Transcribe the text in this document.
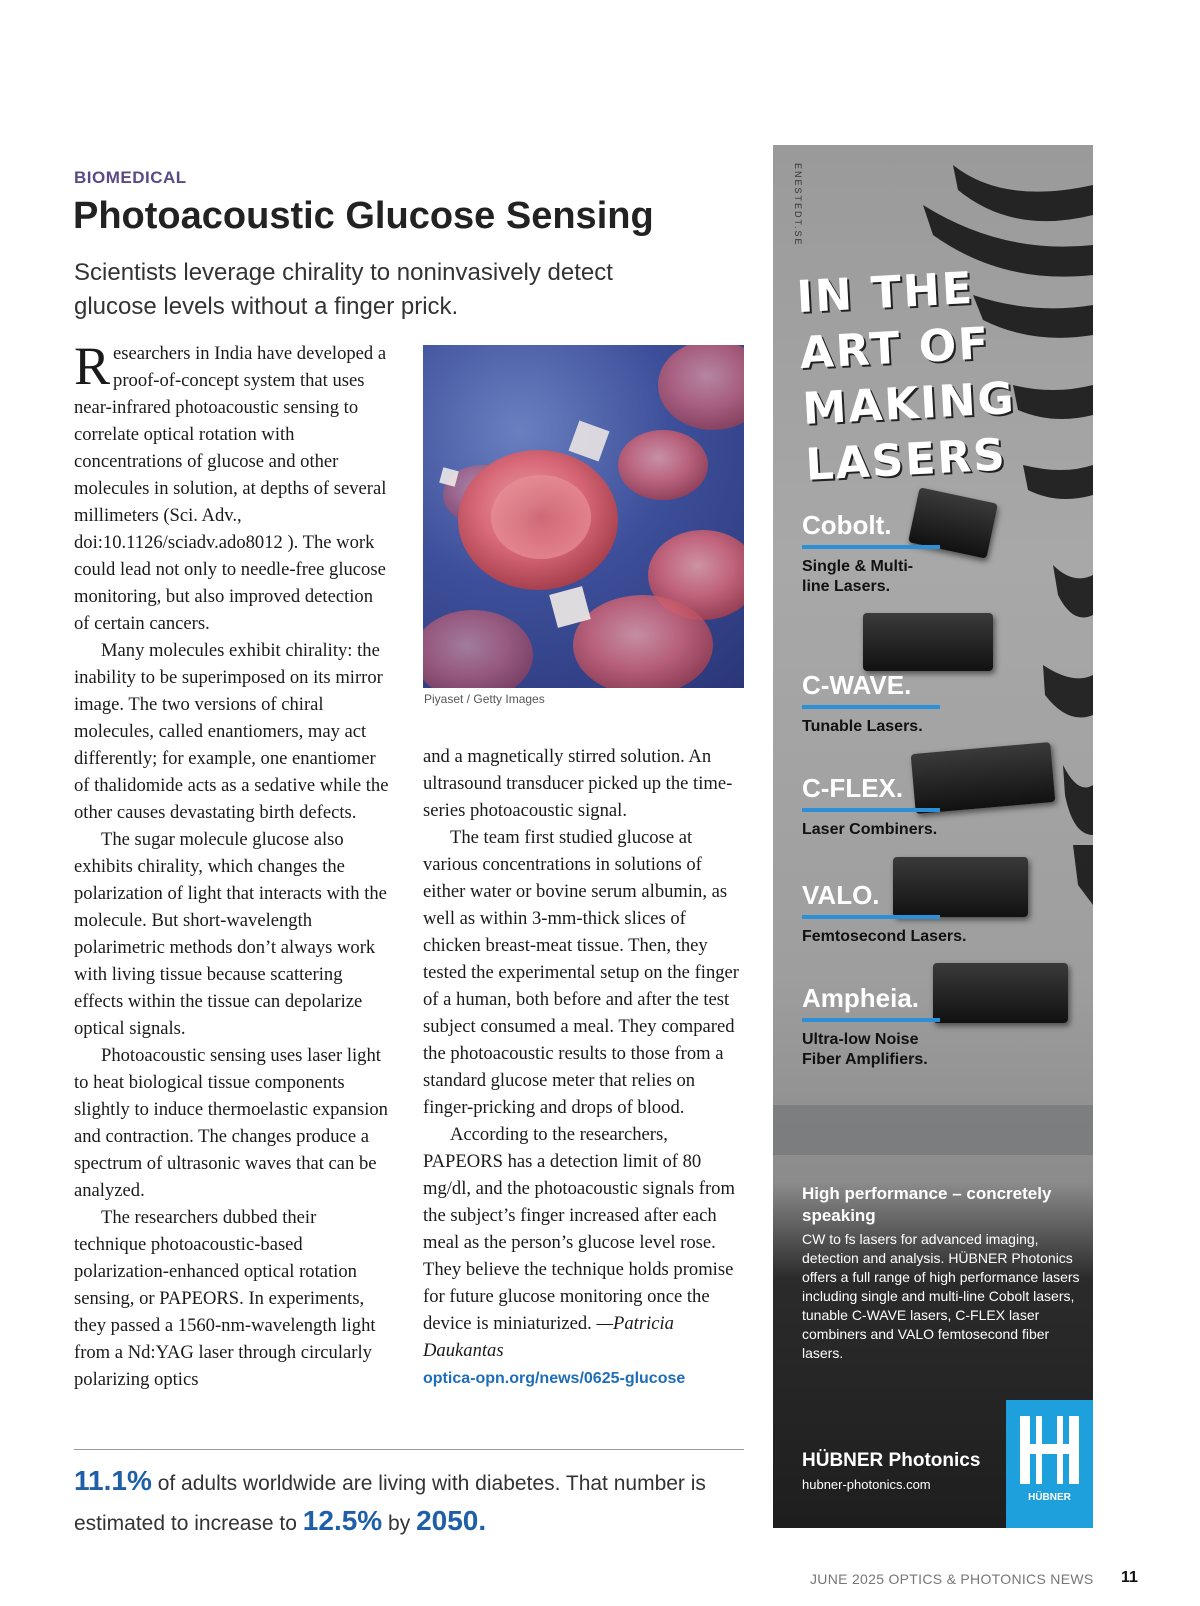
BIOMEDICAL
Photoacoustic Glucose Sensing
Scientists leverage chirality to noninvasively detect glucose levels without a finger prick.

Researchers in India have developed a proof-of-concept system that uses near-infrared photoacoustic sensing to correlate optical rotation with concentrations of glucose and other molecules in solution, at depths of several millimeters (Sci. Adv., doi:10.1126/sciadv.ado8012 ). The work could lead not only to needle-free glucose monitoring, but also improved detection of certain cancers.

Many molecules exhibit chirality: the inability to be superimposed on its mirror image. The two versions of chiral molecules, called enantiomers, may act differently; for example, one enantiomer of thalidomide acts as a sedative while the other causes devastating birth defects.

The sugar molecule glucose also exhibits chirality, which changes the polarization of light that interacts with the molecule. But short-wavelength polarimetric methods don’t always work with living tissue because scattering effects within the tissue can depolarize optical signals.

Photoacoustic sensing uses laser light to heat biological tissue components slightly to induce thermoelastic expansion and contraction. The changes produce a spectrum of ultrasonic waves that can be analyzed.

The researchers dubbed their technique photoacoustic-based polarization-enhanced optical rotation sensing, or PAPEORS. In experiments, they passed a 1560-nm-wavelength light from a Nd:YAG laser through circularly polarizing optics

Piyaset / Getty Images

and a magnetically stirred solution. An ultrasound transducer picked up the time-series photoacoustic signal.

The team first studied glucose at various concentrations in solutions of either water or bovine serum albumin, as well as within 3-mm-thick slices of chicken breast-meat tissue. Then, they tested the experimental setup on the finger of a human, both before and after the test subject consumed a meal. They compared the photoacoustic results to those from a standard glucose meter that relies on finger-pricking and drops of blood.

According to the researchers, PAPEORS has a detection limit of 80 mg/dl, and the photoacoustic signals from the subject’s finger increased after each meal as the person’s glucose level rose. They believe the technique holds promise for future glucose monitoring once the device is miniaturized. —Patricia Daukantas

optica-opn.org/news/0625-glucose

11.1% of adults worldwide are living with diabetes. That number is estimated to increase to 12.5% by 2050.
ENESTEDT.SE
IN THE ART OF MAKING LASERS
Cobolt.
Single & Multi-line Lasers.
C-WAVE.
Tunable Lasers.
C-FLEX.
Laser Combiners.
VALO.
Femtosecond Lasers.
Ampheia.
Ultra-low Noise Fiber Amplifiers.
High performance – concretely speaking
CW to fs lasers for advanced imaging, detection and analysis. HÜBNER Photonics offers a full range of high performance lasers including single and multi-line Cobolt lasers, tunable C-WAVE lasers, C-FLEX laser combiners and VALO femtosecond fiber lasers.
HÜBNER Photonics
hubner-photonics.com
HÜBNER
JUNE 2025 OPTICS & PHOTONICS NEWS 11
